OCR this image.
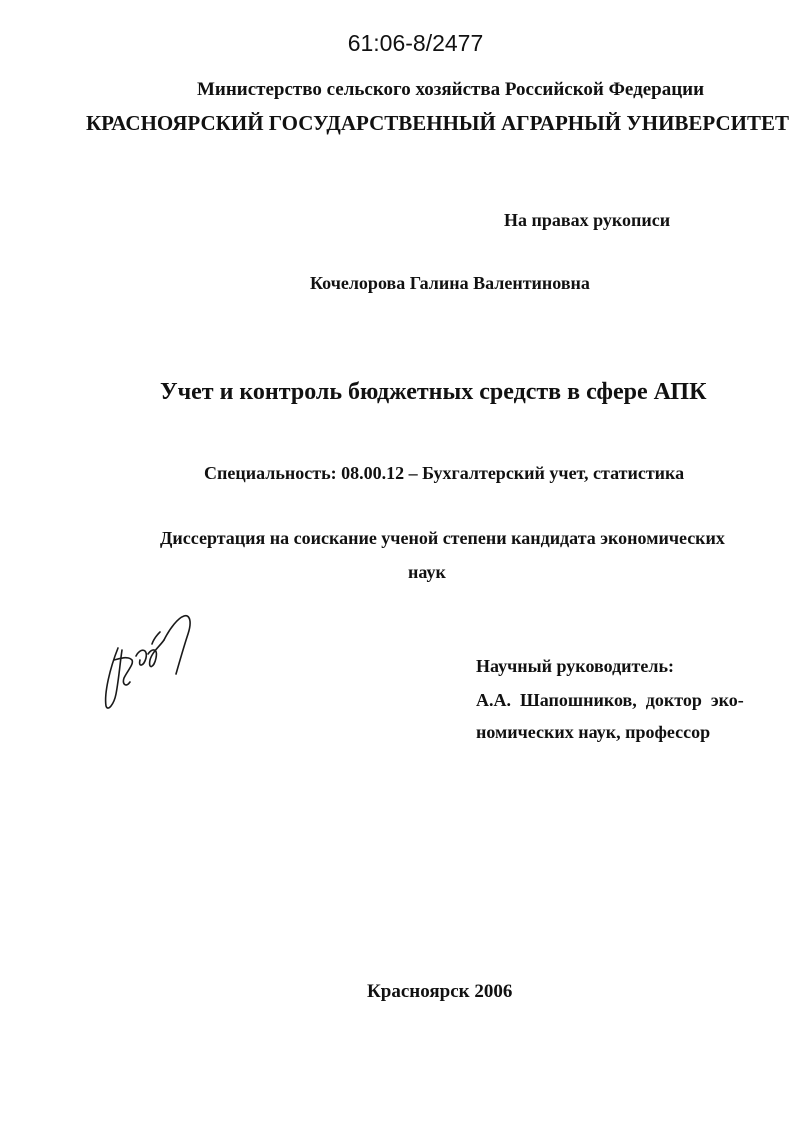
61:06-8/2477
Министерство сельского хозяйства Российской Федерации
КРАСНОЯРСКИЙ ГОСУДАРСТВЕННЫЙ АГРАРНЫЙ УНИВЕРСИТЕТ
На правах рукописи
Кочелорова Галина Валентиновна
Учет и контроль бюджетных средств в сфере АПК
Специальность: 08.00.12 – Бухгалтерский учет, статистика
Диссертация на соискание ученой степени кандидата экономических
наук
Научный руководитель:
А.А.  Шапошников,  доктор  эко-
номических наук, профессор
Красноярск 2006
